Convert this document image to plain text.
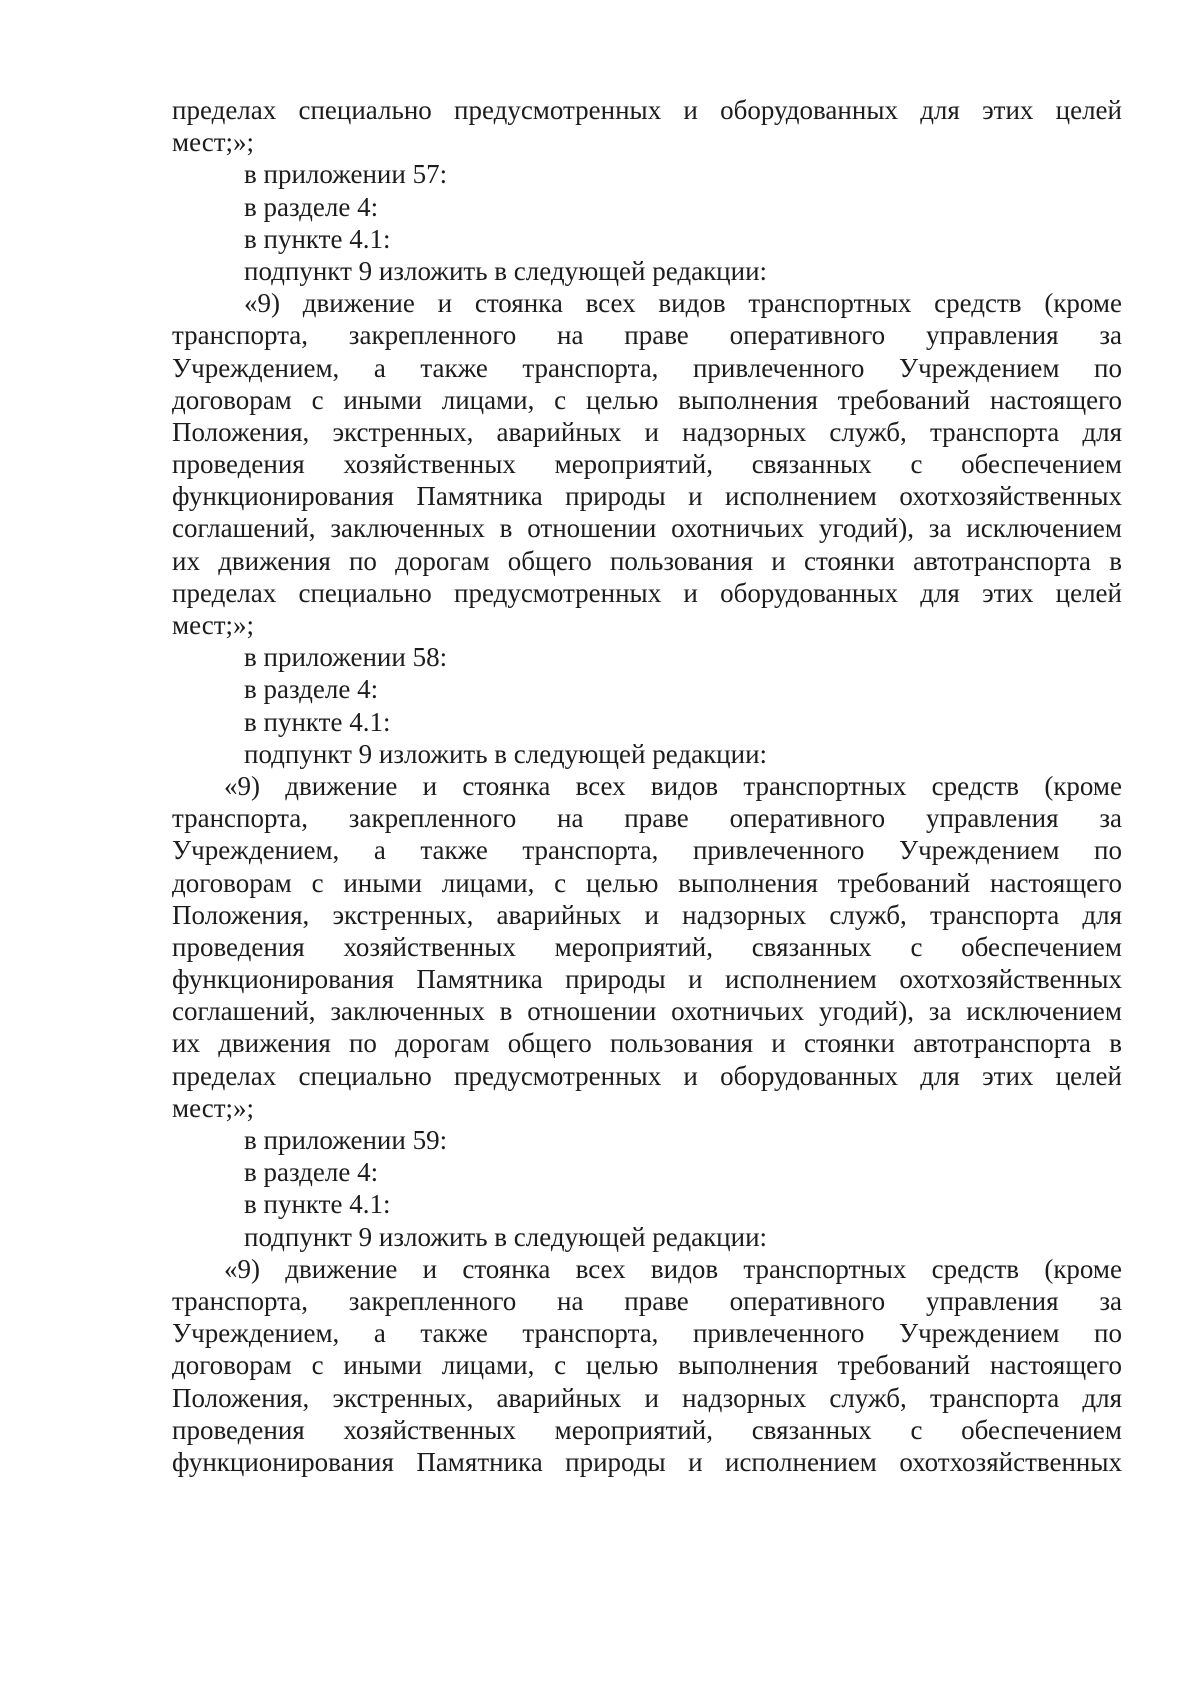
пределах специально предусмотренных и оборудованных для этих целей
мест;»;
в приложении 57:
в разделе 4:
в пункте 4.1:
подпункт 9 изложить в следующей редакции:
«9) движение и стоянка всех видов транспортных средств (кроме
транспорта, закрепленного на праве оперативного управления за
Учреждением, а также транспорта, привлеченного Учреждением по
договорам с иными лицами, с целью выполнения требований настоящего
Положения, экстренных, аварийных и надзорных служб, транспорта для
проведения хозяйственных мероприятий, связанных с обеспечением
функционирования Памятника природы и исполнением охотхозяйственных
соглашений, заключенных в отношении охотничьих угодий), за исключением
их движения по дорогам общего пользования и стоянки автотранспорта в
пределах специально предусмотренных и оборудованных для этих целей
мест;»;
в приложении 58:
в разделе 4:
в пункте 4.1:
подпункт 9 изложить в следующей редакции:
«9) движение и стоянка всех видов транспортных средств (кроме
транспорта, закрепленного на праве оперативного управления за
Учреждением, а также транспорта, привлеченного Учреждением по
договорам с иными лицами, с целью выполнения требований настоящего
Положения, экстренных, аварийных и надзорных служб, транспорта для
проведения хозяйственных мероприятий, связанных с обеспечением
функционирования Памятника природы и исполнением охотхозяйственных
соглашений, заключенных в отношении охотничьих угодий), за исключением
их движения по дорогам общего пользования и стоянки автотранспорта в
пределах специально предусмотренных и оборудованных для этих целей
мест;»;
в приложении 59:
в разделе 4:
в пункте 4.1:
подпункт 9 изложить в следующей редакции:
«9) движение и стоянка всех видов транспортных средств (кроме
транспорта, закрепленного на праве оперативного управления за
Учреждением, а также транспорта, привлеченного Учреждением по
договорам с иными лицами, с целью выполнения требований настоящего
Положения, экстренных, аварийных и надзорных служб, транспорта для
проведения хозяйственных мероприятий, связанных с обеспечением
функционирования Памятника природы и исполнением охотхозяйственных
